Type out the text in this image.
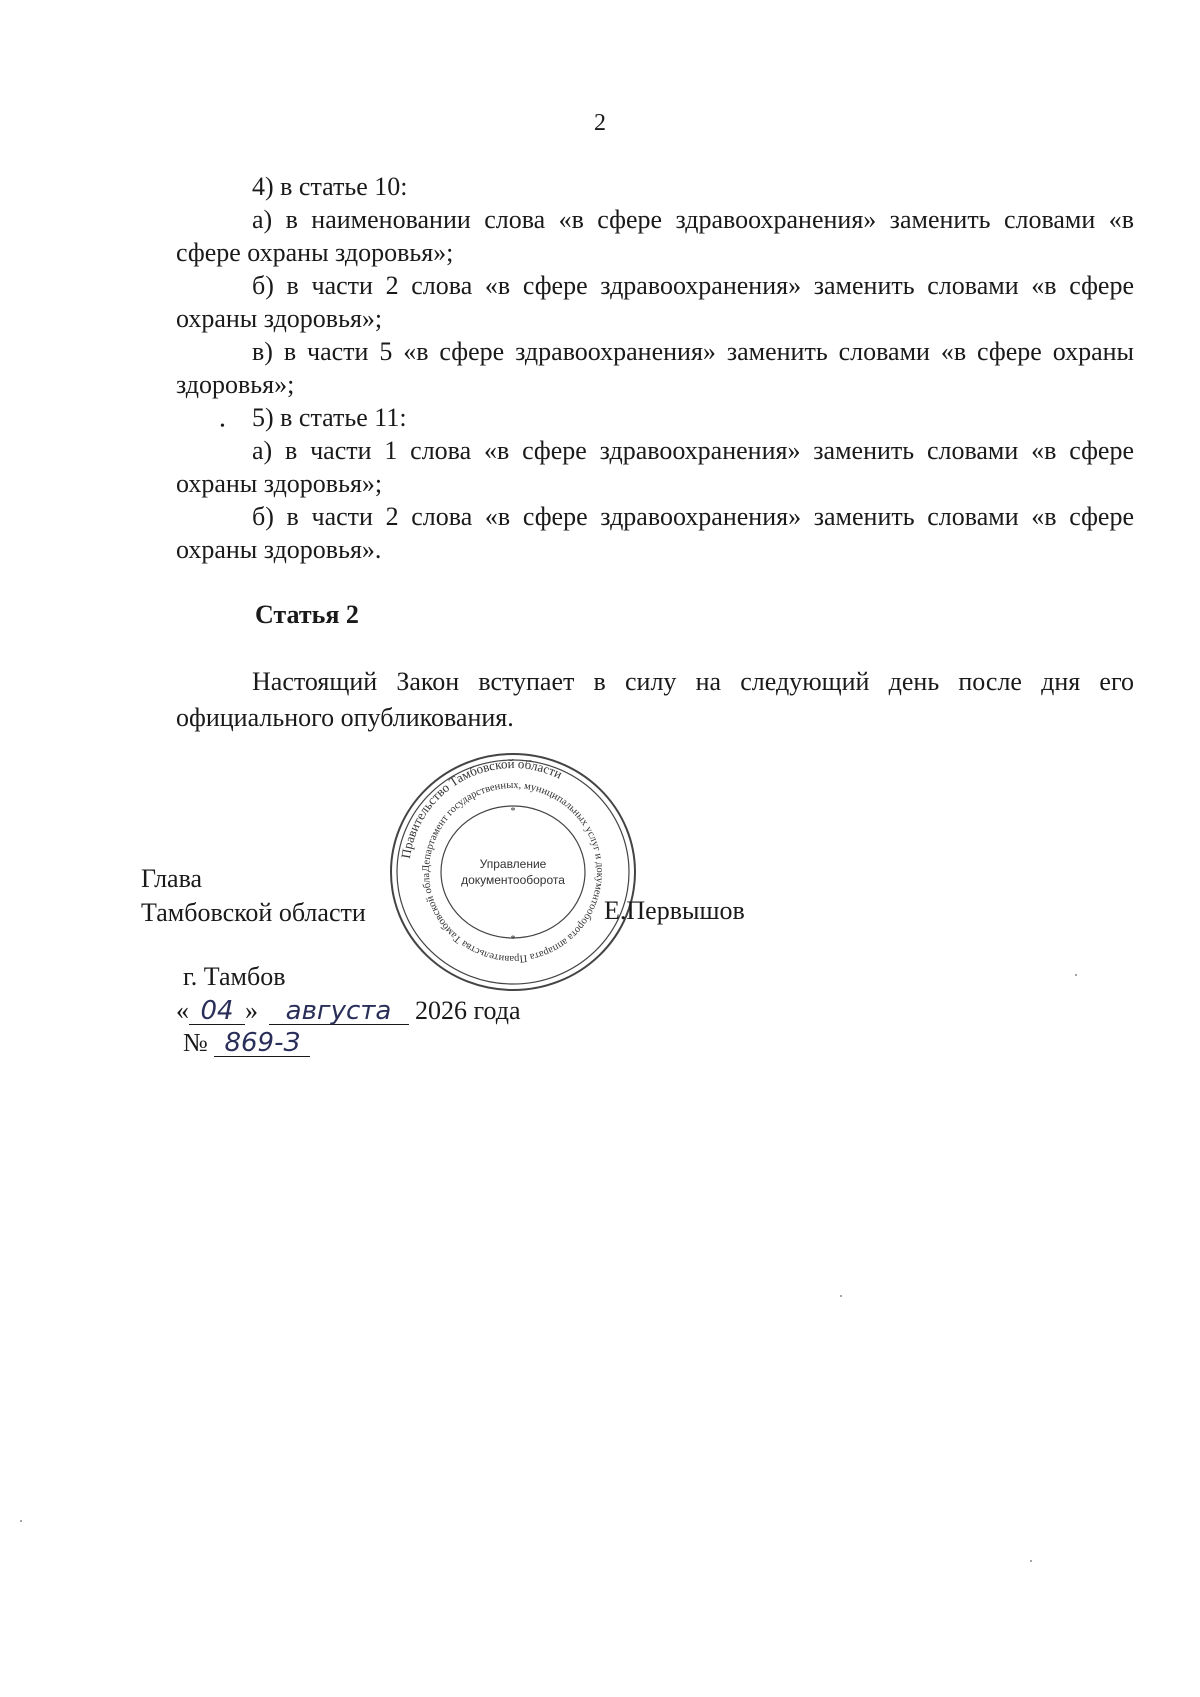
2

4) в статье 10:

а) в наименовании слова «в сфере здравоохранения» заменить словами «в сфере охраны здоровья»;

б) в части 2 слова «в сфере здравоохранения» заменить словами «в сфере охраны здоровья»;

в) в части 5 «в сфере здравоохранения» заменить словами «в сфере охраны здоровья»;

5) в статье 11:

а) в части 1 слова «в сфере здравоохранения» заменить словами «в сфере охраны здоровья»;

б) в части 2 слова «в сфере здравоохранения» заменить словами «в сфере охраны здоровья».

•
Статья 2

Настоящий Закон вступает в силу на следующий день после дня его официального опубликования.

Глава
Тамбовской области
Правительство Тамбовской области
Департамент государственных, муниципальных услуг и документооборота аппарата Правительства Тамбовской обла
Управление
документооборота
*
*
Е.Первышов
г. Тамбов
« 04 » августа 2026 года
№ 869-З
